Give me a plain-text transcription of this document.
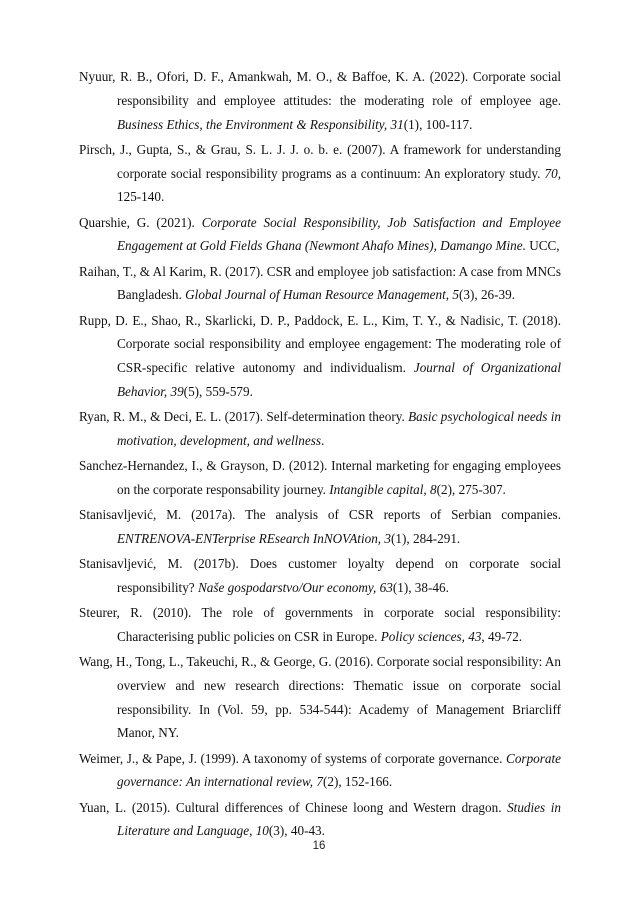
Nyuur, R. B., Ofori, D. F., Amankwah, M. O., & Baffoe, K. A. (2022). Corporate social responsibility and employee attitudes: the moderating role of employee age. Business Ethics, the Environment & Responsibility, 31(1), 100-117.

Pirsch, J., Gupta, S., & Grau, S. L. J. J. o. b. e. (2007). A framework for understanding corporate social responsibility programs as a continuum: An exploratory study. 70, 125-140.

Quarshie, G. (2021). Corporate Social Responsibility, Job Satisfaction and Employee Engagement at Gold Fields Ghana (Newmont Ahafo Mines), Damango Mine. UCC,

Raihan, T., & Al Karim, R. (2017). CSR and employee job satisfaction: A case from MNCs Bangladesh. Global Journal of Human Resource Management, 5(3), 26-39.

Rupp, D. E., Shao, R., Skarlicki, D. P., Paddock, E. L., Kim, T. Y., & Nadisic, T. (2018). Corporate social responsibility and employee engagement: The moderating role of CSR-specific relative autonomy and individualism. Journal of Organizational Behavior, 39(5), 559-579.

Ryan, R. M., & Deci, E. L. (2017). Self-determination theory. Basic psychological needs in motivation, development, and wellness.

Sanchez-Hernandez, I., & Grayson, D. (2012). Internal marketing for engaging employees on the corporate responsability journey. Intangible capital, 8(2), 275-307.

Stanisavljević, M. (2017a). The analysis of CSR reports of Serbian companies. ENTRENOVA-ENTerprise REsearch InNOVAtion, 3(1), 284-291.

Stanisavljević, M. (2017b). Does customer loyalty depend on corporate social responsibility? Naše gospodarstvo/Our economy, 63(1), 38-46.

Steurer, R. (2010). The role of governments in corporate social responsibility: Characterising public policies on CSR in Europe. Policy sciences, 43, 49-72.

Wang, H., Tong, L., Takeuchi, R., & George, G. (2016). Corporate social responsibility: An overview and new research directions: Thematic issue on corporate social responsibility. In (Vol. 59, pp. 534-544): Academy of Management Briarcliff Manor, NY.

Weimer, J., & Pape, J. (1999). A taxonomy of systems of corporate governance. Corporate governance: An international review, 7(2), 152-166.

Yuan, L. (2015). Cultural differences of Chinese loong and Western dragon. Studies in Literature and Language, 10(3), 40-43.

16
